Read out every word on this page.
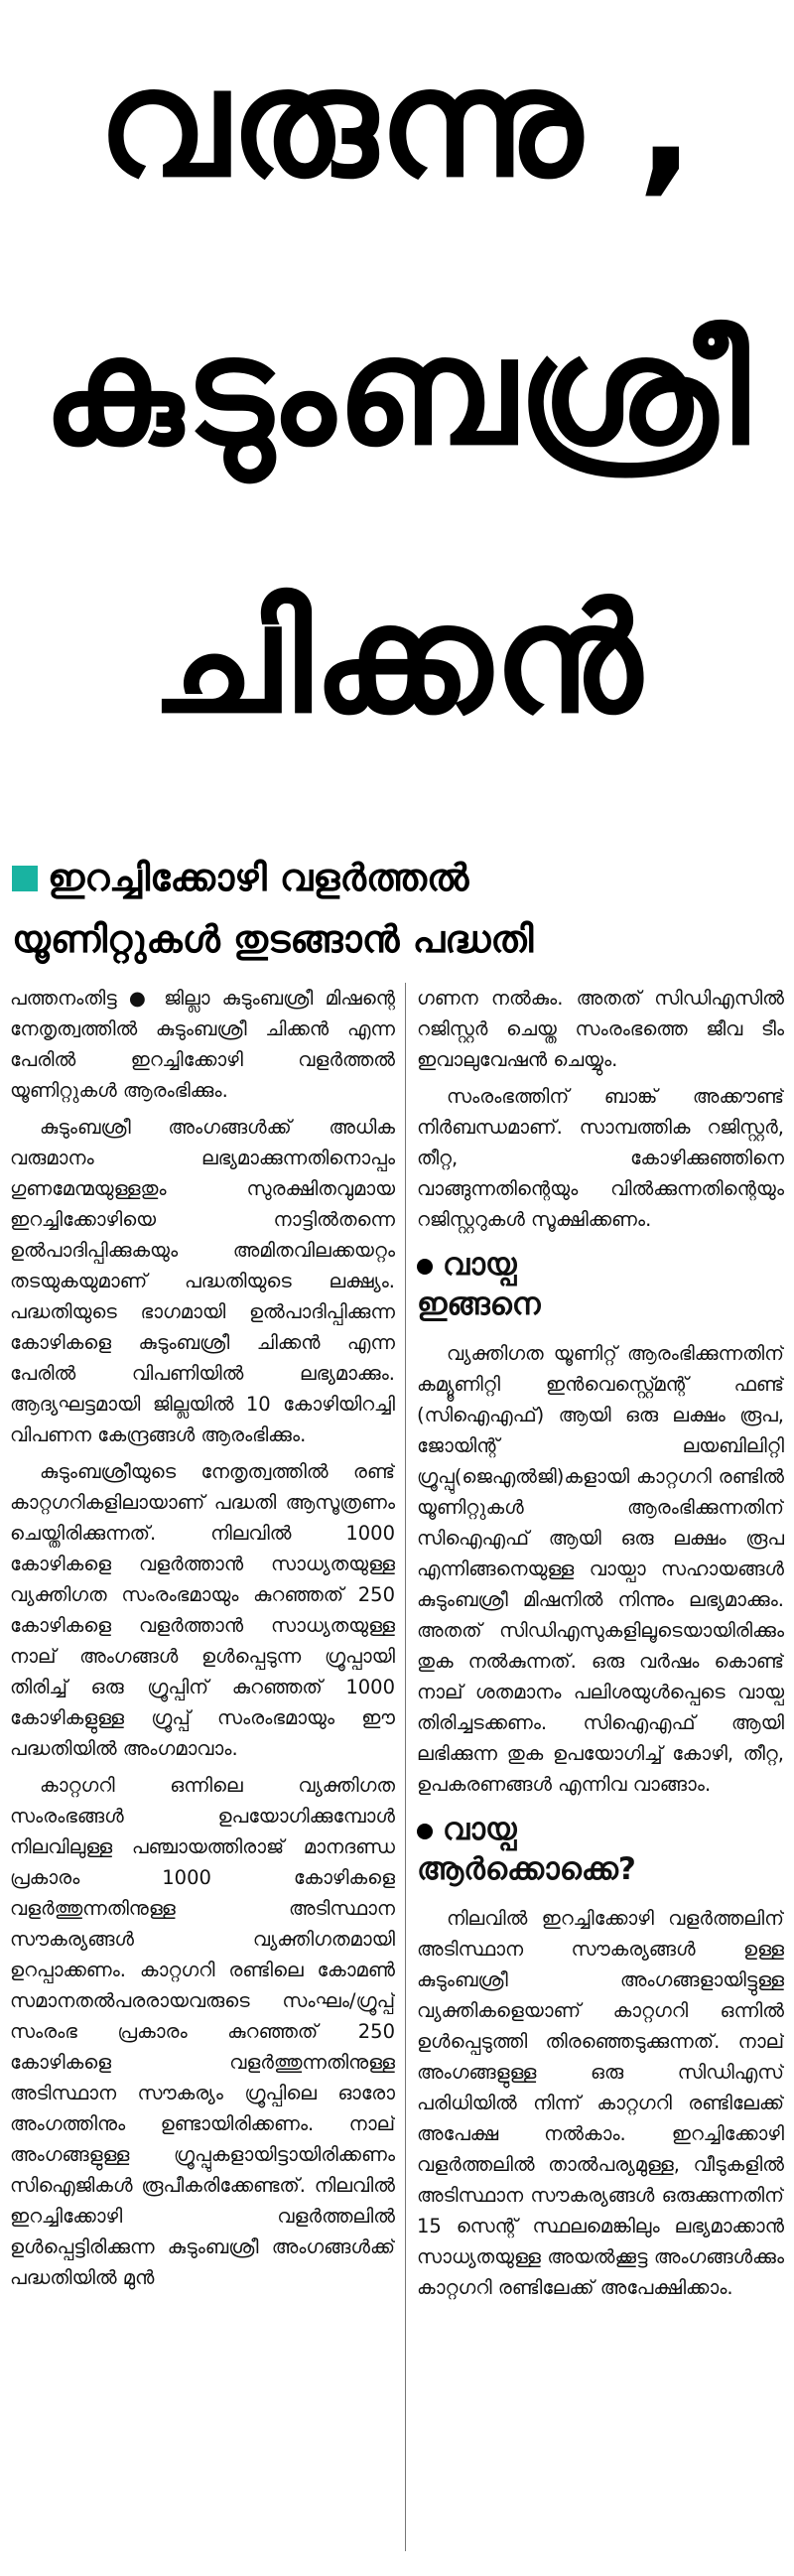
വരുന്നു ,
കുടുംബശ്രീ
ചിക്കൻ
ഇറച്ചിക്കോഴി വളർത്തൽ
യൂണിറ്റുകൾ തുടങ്ങാൻ പദ്ധതി

പത്തനംതിട്ട ● ജില്ലാ കുടുംബശ്രീ മിഷന്റെ നേതൃത്വത്തിൽ കുടുംബശ്രീ ചിക്കൻ എന്ന പേരിൽ ഇറച്ചിക്കോഴി വളർത്തൽ യൂണിറ്റുകൾ ആരംഭിക്കും.

കുടുംബശ്രീ അംഗങ്ങൾക്ക് അധിക വരുമാനം ലഭ്യമാക്കുന്നതിനൊപ്പം ഗുണമേന്മയുള്ളതും സുരക്ഷിതവുമായ ഇറച്ചിക്കോഴിയെ നാട്ടിൽതന്നെ ഉൽപാദിപ്പിക്കുകയും അമിതവിലക്കയറ്റം തടയുകയുമാണ് പദ്ധതിയുടെ ലക്ഷ്യം. പദ്ധതിയുടെ ഭാഗമായി ഉൽപാദിപ്പിക്കുന്ന കോഴികളെ കുടുംബശ്രീ ചിക്കൻ എന്ന പേരിൽ വിപണിയിൽ ലഭ്യമാക്കും. ആദ്യഘട്ടമായി ജില്ലയിൽ 10 കോഴിയിറച്ചി വിപണന കേന്ദ്രങ്ങൾ ആരംഭിക്കും.

കുടുംബശ്രീയുടെ നേതൃത്വത്തിൽ രണ്ട് കാറ്റഗറികളിലായാണ് പദ്ധതി ആസൂത്രണം ചെയ്തിരിക്കുന്നത്. നിലവിൽ 1000 കോഴികളെ വളർത്താൻ സാധ്യതയുള്ള വ്യക്തിഗത സംരംഭമായും കുറഞ്ഞത് 250 കോഴികളെ വളർത്താൻ സാധ്യതയുള്ള നാല് അംഗങ്ങൾ ഉൾപ്പെടുന്ന ഗ്രൂപ്പായി തിരിച്ച് ഒരു ഗ്രൂപ്പിന് കുറഞ്ഞത് 1000 കോഴികളുള്ള ഗ്രൂപ്പ് സംരംഭമായും ഈ പദ്ധതിയിൽ അംഗമാവാം.

കാറ്റഗറി ഒന്നിലെ വ്യക്തിഗത സംരംഭങ്ങൾ ഉപയോഗിക്കുമ്പോൾ നിലവിലുള്ള പഞ്ചായത്തിരാജ് മാനദണ്ഡ പ്രകാരം 1000 കോഴികളെ വളർത്തുന്നതിനുള്ള അടിസ്ഥാന സൗകര്യങ്ങൾ വ്യക്തിഗതമായി ഉറപ്പാക്കണം. കാറ്റഗറി രണ്ടിലെ കോമൺ സമാനതൽപരരായവരുടെ സംഘം/ഗ്രൂപ്പ് സംരംഭ പ്രകാരം കുറഞ്ഞത് 250 കോഴികളെ വളർത്തുന്നതിനുള്ള അടിസ്ഥാന സൗകര്യം ഗ്രൂപ്പിലെ ഓരോ അംഗത്തിനും ഉണ്ടായിരിക്കണം. നാല് അംഗങ്ങളുള്ള ഗ്രൂപ്പുകളായിട്ടായിരിക്കണം സിഐജികൾ രൂപീകരിക്കേണ്ടത്. നിലവിൽ ഇറച്ചിക്കോഴി വളർത്തലിൽ ഉൾപ്പെട്ടിരിക്കുന്ന കുടുംബശ്രീ അംഗങ്ങൾക്ക് പദ്ധതിയിൽ മുൻ

ഗണന നൽകും. അതത് സിഡിഎസിൽ റജിസ്റ്റർ ചെയ്ത സംരംഭത്തെ ജീവ ടീം ഇവാലുവേഷൻ ചെയ്യും.

സംരംഭത്തിന് ബാങ്ക് അക്കൗണ്ട് നിർബന്ധമാണ്. സാമ്പത്തിക റജിസ്റ്റർ, തീറ്റ, കോഴിക്കുഞ്ഞിനെ വാങ്ങുന്നതിന്റെയും വിൽക്കുന്നതിന്റെയും റജിസ്റ്ററുകൾ സൂക്ഷിക്കണം.

വായ്പ
ഇങ്ങനെ

വ്യക്തിഗത യൂണിറ്റ് ആരംഭിക്കുന്നതിന് കമ്യൂണിറ്റി ഇൻവെസ്റ്റ്മെന്റ് ഫണ്ട് (സിഐഎഫ്) ആയി ഒരു ലക്ഷം രൂപ, ജോയിന്റ് ലയബിലിറ്റി ഗ്രൂപ്പു(ജെഎൽജി)കളായി കാറ്റഗറി രണ്ടിൽ യൂണിറ്റുകൾ ആരംഭിക്കുന്നതിന് സിഐഎഫ് ആയി ഒരു ലക്ഷം രൂപ എന്നിങ്ങനെയുള്ള വായ്പാ സഹായങ്ങൾ കുടുംബശ്രീ മിഷനിൽ നിന്നും ലഭ്യമാക്കും. അതത് സിഡിഎസുകളിലൂടെയായിരിക്കും തുക നൽകുന്നത്. ഒരു വർഷം കൊണ്ട് നാല് ശതമാനം പലിശയുൾപ്പെടെ വായ്പ തിരിച്ചടക്കണം. സിഐഎഫ് ആയി ലഭിക്കുന്ന തുക ഉപയോഗിച്ച് കോഴി, തീറ്റ, ഉപകരണങ്ങൾ എന്നിവ വാങ്ങാം.

വായ്പ
ആർക്കൊക്കെ?

നിലവിൽ ഇറച്ചിക്കോഴി വളർത്തലിന് അടിസ്ഥാന സൗകര്യങ്ങൾ ഉള്ള കുടുംബശ്രീ അംഗങ്ങളായിട്ടുള്ള വ്യക്തികളെയാണ് കാറ്റഗറി ഒന്നിൽ ഉൾപ്പെടുത്തി തിരഞ്ഞെടുക്കുന്നത്. നാല് അംഗങ്ങളുള്ള ഒരു സിഡിഎസ് പരിധിയിൽ നിന്ന് കാറ്റഗറി രണ്ടിലേക്ക് അപേക്ഷ നൽകാം. ഇറച്ചിക്കോഴി വളർത്തലിൽ താൽപര്യമുള്ള, വീടുകളിൽ അടിസ്ഥാന സൗകര്യങ്ങൾ ഒരുക്കുന്നതിന് 15 സെന്റ് സ്ഥലമെങ്കിലും ലഭ്യമാക്കാൻ സാധ്യതയുള്ള അയൽക്കൂട്ട അംഗങ്ങൾക്കും കാറ്റഗറി രണ്ടിലേക്ക് അപേക്ഷിക്കാം.
